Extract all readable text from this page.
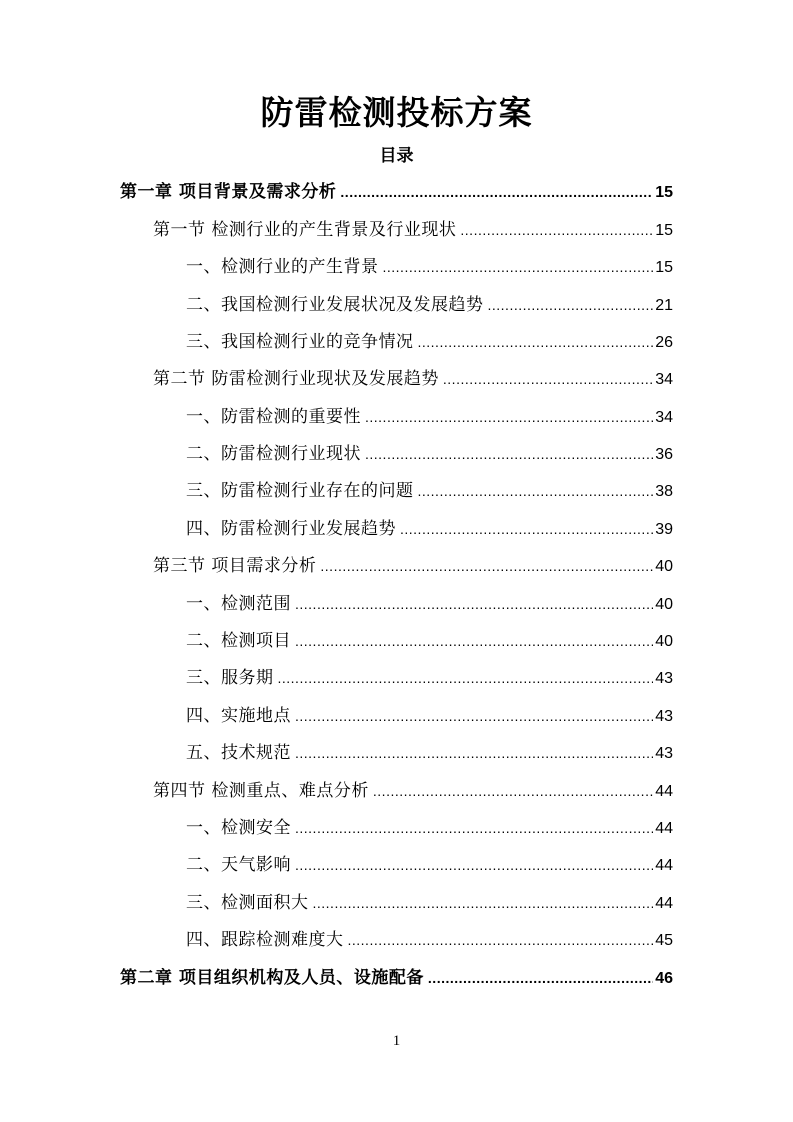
防雷检测投标方案
目录
第一章 项目背景及需求分析 .....	15
第一节 检测行业的产生背景及行业现状 .....	15
一、检测行业的产生背景 .....	15
二、我国检测行业发展状况及发展趋势 .....	21
三、我国检测行业的竞争情况 .....	26
第二节 防雷检测行业现状及发展趋势 .....	34
一、防雷检测的重要性 .....	34
二、防雷检测行业现状 .....	36
三、防雷检测行业存在的问题 .....	38
四、防雷检测行业发展趋势 .....	39
第三节 项目需求分析 .....	40
一、检测范围 .....	40
二、检测项目 .....	40
三、服务期 .....	43
四、实施地点 .....	43
五、技术规范 .....	43
第四节 检测重点、难点分析 .....	44
一、检测安全 .....	44
二、天气影响 .....	44
三、检测面积大 .....	44
四、跟踪检测难度大 .....	45
第二章 项目组织机构及人员、设施配备 .....	46
1
